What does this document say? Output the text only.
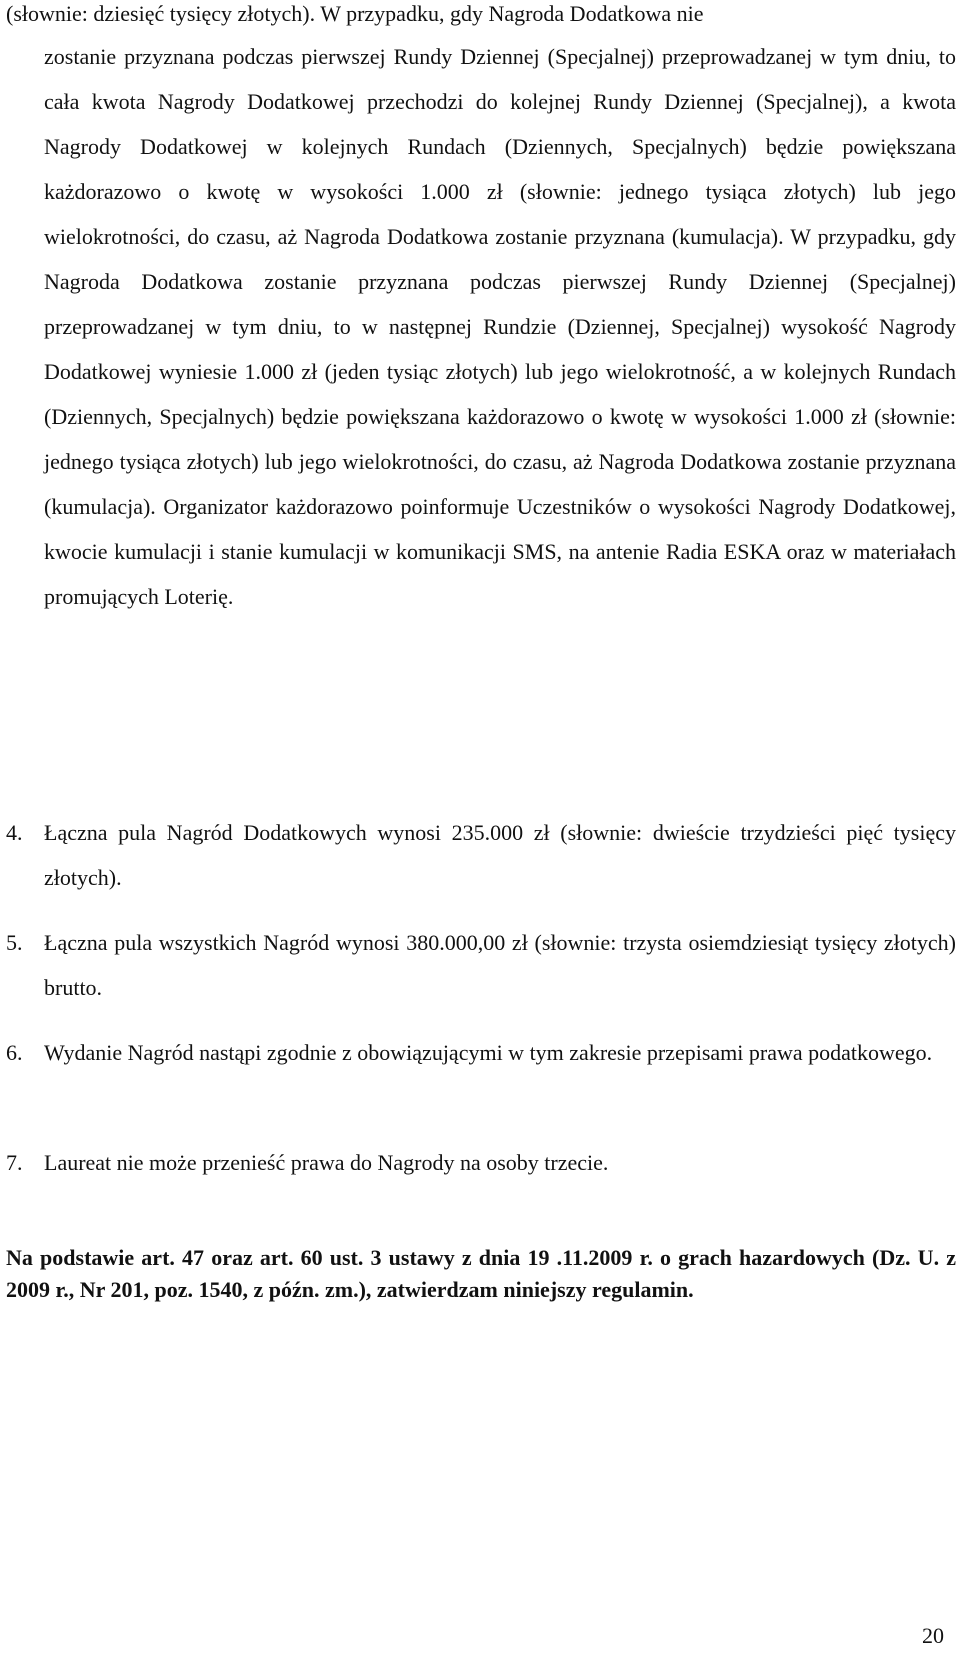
(słownie: dziesięć tysięcy złotych). W przypadku, gdy Nagroda Dodatkowa nie

zostanie przyznana podczas pierwszej Rundy Dziennej (Specjalnej) przeprowadzanej w tym dniu, to cała kwota Nagrody Dodatkowej przechodzi do kolejnej Rundy Dziennej (Specjalnej), a kwota Nagrody Dodatkowej w kolejnych Rundach (Dziennych, Specjalnych) będzie powiększana każdorazowo o kwotę w wysokości 1.000 zł (słownie: jednego tysiąca złotych) lub jego wielokrotności, do czasu, aż Nagroda Dodatkowa zostanie przyznana (kumulacja). W przypadku, gdy Nagroda Dodatkowa zostanie przyznana podczas pierwszej Rundy Dziennej (Specjalnej) przeprowadzanej w tym dniu, to w następnej Rundzie (Dziennej, Specjalnej) wysokość Nagrody Dodatkowej wyniesie 1.000 zł (jeden tysiąc złotych) lub jego wielokrotność, a w kolejnych Rundach (Dziennych, Specjalnych) będzie powiększana każdorazowo o kwotę w wysokości 1.000 zł (słownie: jednego tysiąca złotych) lub jego wielokrotności, do czasu, aż Nagroda Dodatkowa zostanie przyznana (kumulacja). Organizator każdorazowo poinformuje Uczestników o wysokości Nagrody Dodatkowej, kwocie kumulacji i stanie kumulacji w komunikacji SMS, na antenie Radia ESKA oraz w materiałach promujących Loterię.

4. Łączna pula Nagród Dodatkowych wynosi 235.000 zł (słownie: dwieście trzydzieści pięć tysięcy złotych).

5. Łączna pula wszystkich Nagród wynosi 380.000,00 zł (słownie: trzysta osiemdziesiąt tysięcy złotych) brutto.

6. Wydanie Nagród nastąpi zgodnie z obowiązującymi w tym zakresie przepisami prawa podatkowego.

7. Laureat nie może przenieść prawa do Nagrody na osoby trzecie.

Na podstawie art. 47 oraz art. 60 ust. 3 ustawy z dnia 19 .11.2009 r. o grach hazardowych (Dz. U. z 2009 r., Nr 201, poz. 1540, z późn. zm.), zatwierdzam niniejszy regulamin.

20
